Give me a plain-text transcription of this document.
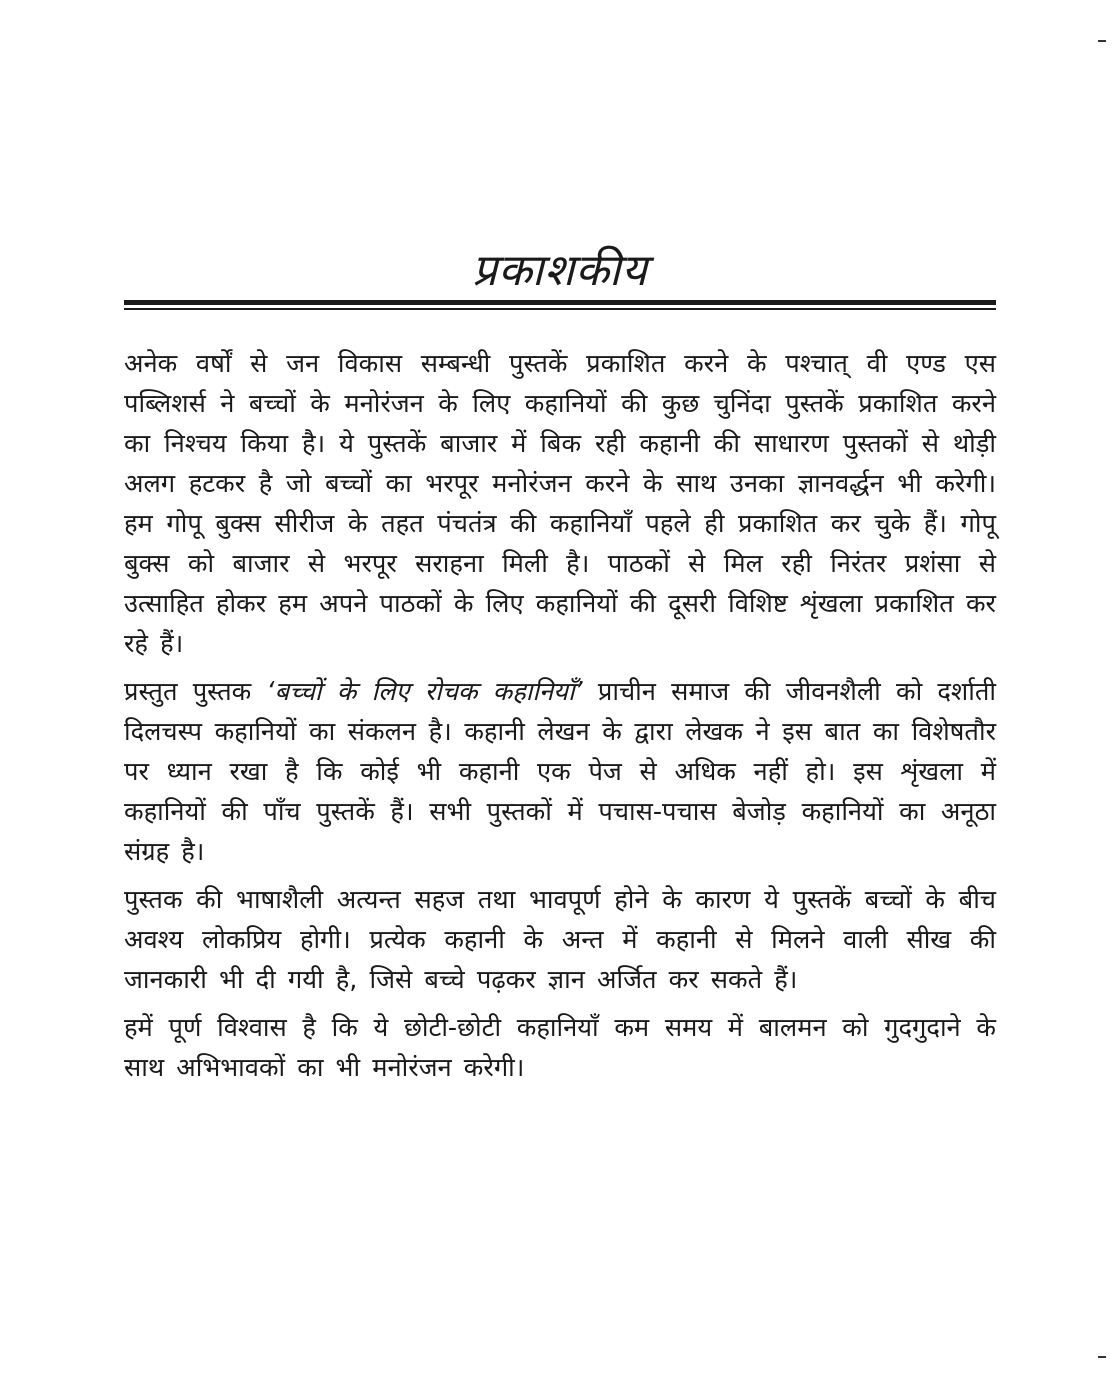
प्रकाशकीय

अनेक वर्षों से जन विकास सम्बन्धी पुस्तकें प्रकाशित करने के पश्चात् वी एण्ड एस पब्लिशर्स ने बच्चों के मनोरंजन के लिए कहानियों की कुछ चुनिंदा पुस्तकें प्रकाशित करने का निश्चय किया है। ये पुस्तकें बाजार में बिक रही कहानी की साधारण पुस्तकों से थोड़ी अलग हटकर है जो बच्चों का भरपूर मनोरंजन करने के साथ उनका ज्ञानवर्द्धन भी करेगी। हम गोपू बुक्स सीरीज के तहत पंचतंत्र की कहानियाँ पहले ही प्रकाशित कर चुके हैं। गोपू बुक्स को बाजार से भरपूर सराहना मिली है। पाठकों से मिल रही निरंतर प्रशंसा से उत्साहित होकर हम अपने पाठकों के लिए कहानियों की दूसरी विशिष्ट शृंखला प्रकाशित कर रहे हैं।

प्रस्तुत पुस्तक ‘बच्चों के लिए रोचक कहानियाँ’ प्राचीन समाज की जीवनशैली को दर्शाती दिलचस्प कहानियों का संकलन है। कहानी लेखन के द्वारा लेखक ने इस बात का विशेषतौर पर ध्यान रखा है कि कोई भी कहानी एक पेज से अधिक नहीं हो। इस शृंखला में कहानियों की पाँच पुस्तकें हैं। सभी पुस्तकों में पचास-पचास बेजोड़ कहानियों का अनूठा संग्रह है।

पुस्तक की भाषाशैली अत्यन्त सहज तथा भावपूर्ण होने के कारण ये पुस्तकें बच्चों के बीच अवश्य लोकप्रिय होगी। प्रत्येक कहानी के अन्त में कहानी से मिलने वाली सीख की जानकारी भी दी गयी है, जिसे बच्चे पढ़कर ज्ञान अर्जित कर सकते हैं।

हमें पूर्ण विश्वास है कि ये छोटी-छोटी कहानियाँ कम समय में बालमन को गुदगुदाने के साथ अभिभावकों का भी मनोरंजन करेगी।
